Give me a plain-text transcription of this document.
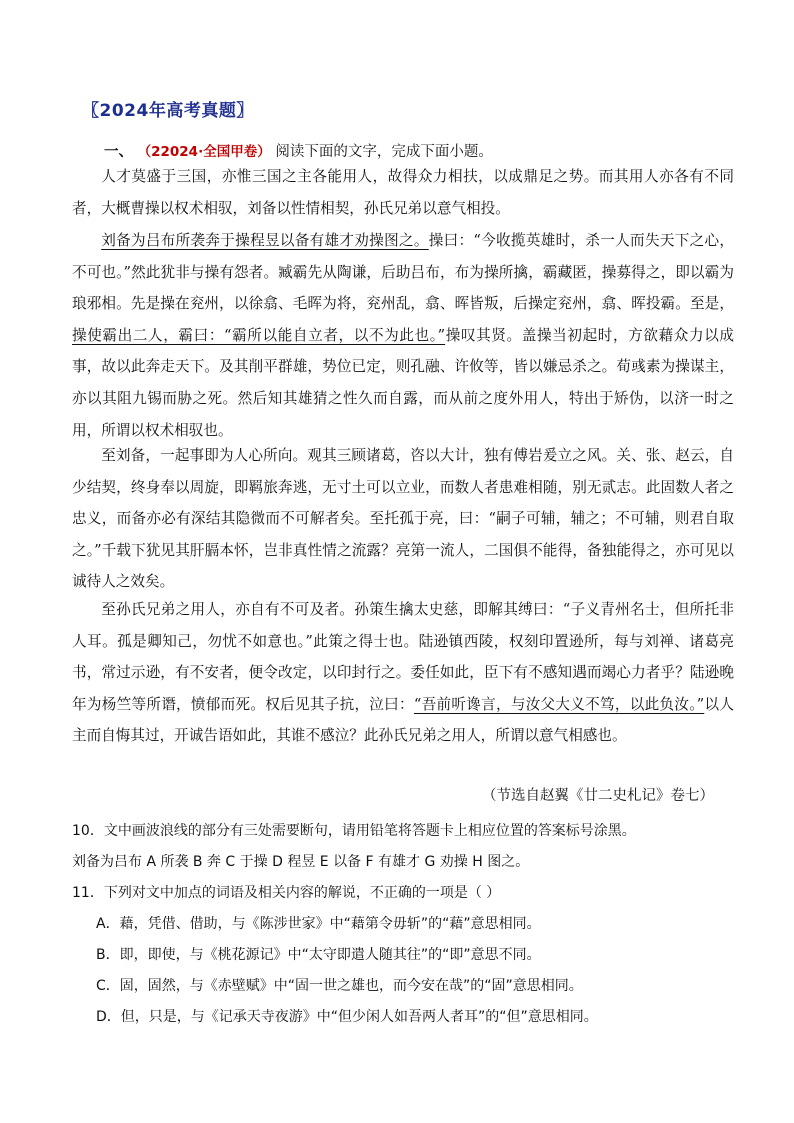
〖2024年高考真题〗
一、 （22024·全国甲卷） 阅读下面的文字，完成下面小题。

人才莫盛于三国，亦惟三国之主各能用人，故得众力相扶，以成鼎足之势。而其用人亦各有不同者，大概曹操以权术相驭，刘备以性情相契，孙氏兄弟以意气相投。

刘备为吕布所袭奔于操程昱以备有雄才劝操图之。操曰：“今收揽英雄时，杀一人而失天下之心，不可也。”然此犹非与操有怨者。臧霸先从陶谦，后助吕布，布为操所擒，霸藏匿，操募得之，即以霸为琅邪相。先是操在兖州，以徐翕、毛晖为将，兖州乱，翕、晖皆叛，后操定兖州，翕、晖投霸。至是，操使霸出二人，霸曰：“霸所以能自立者，以不为此也。”操叹其贤。盖操当初起时，方欲藉众力以成事，故以此奔走天下。及其削平群雄，势位已定，则孔融、许攸等，皆以嫌忌杀之。荀彧素为操谋主，亦以其阻九锡而胁之死。然后知其雄猜之性久而自露，而从前之度外用人，特出于矫伪，以济一时之用，所谓以权术相驭也。

至刘备，一起事即为人心所向。观其三顾诸葛，咨以大计，独有傅岩爰立之风。关、张、赵云，自少结契，终身奉以周旋，即羁旅奔逃，无寸土可以立业，而数人者患难相随，别无贰志。此固数人者之忠义，而备亦必有深结其隐微而不可解者矣。至托孤于亮，曰：“嗣子可辅，辅之；不可辅，则君自取之。”千载下犹见其肝膈本怀，岂非真性情之流露？亮第一流人，二国俱不能得，备独能得之，亦可见以诚待人之效矣。

至孙氏兄弟之用人，亦自有不可及者。孙策生擒太史慈，即解其缚曰：“子义青州名士，但所托非人耳。孤是卿知己，勿忧不如意也。”此策之得士也。陆逊镇西陵，权刻印置逊所，每与刘禅、诸葛亮书，常过示逊，有不安者，便令改定，以印封行之。委任如此，臣下有不感知遇而竭心力者乎？陆逊晚年为杨竺等所谮，愤郁而死。权后见其子抗，泣曰：“吾前听谗言，与汝父大义不笃，以此负汝。”以人主而自悔其过，开诚告语如此，其谁不感泣？此孙氏兄弟之用人，所谓以意气相感也。

（节选自赵翼《廿二史札记》卷七）
10．文中画波浪线的部分有三处需要断句，请用铅笔将答题卡上相应位置的答案标号涂黑。
刘备为吕布 A 所袭 B 奔 C 于操 D 程昱 E 以备 F 有雄才 G 劝操 H 图之。
11．下列对文中加点的词语及相关内容的解说，不正确的一项是（ ）
A．藉，凭借、借助，与《陈涉世家》中“藉第令毋斩”的“藉”意思相同。
B．即，即使，与《桃花源记》中“太守即遣人随其往”的“即”意思不同。
C．固，固然，与《赤壁赋》中“固一世之雄也，而今安在哉”的“固”意思相同。
D．但，只是，与《记承天寺夜游》中“但少闲人如吾两人者耳”的“但”意思相同。
